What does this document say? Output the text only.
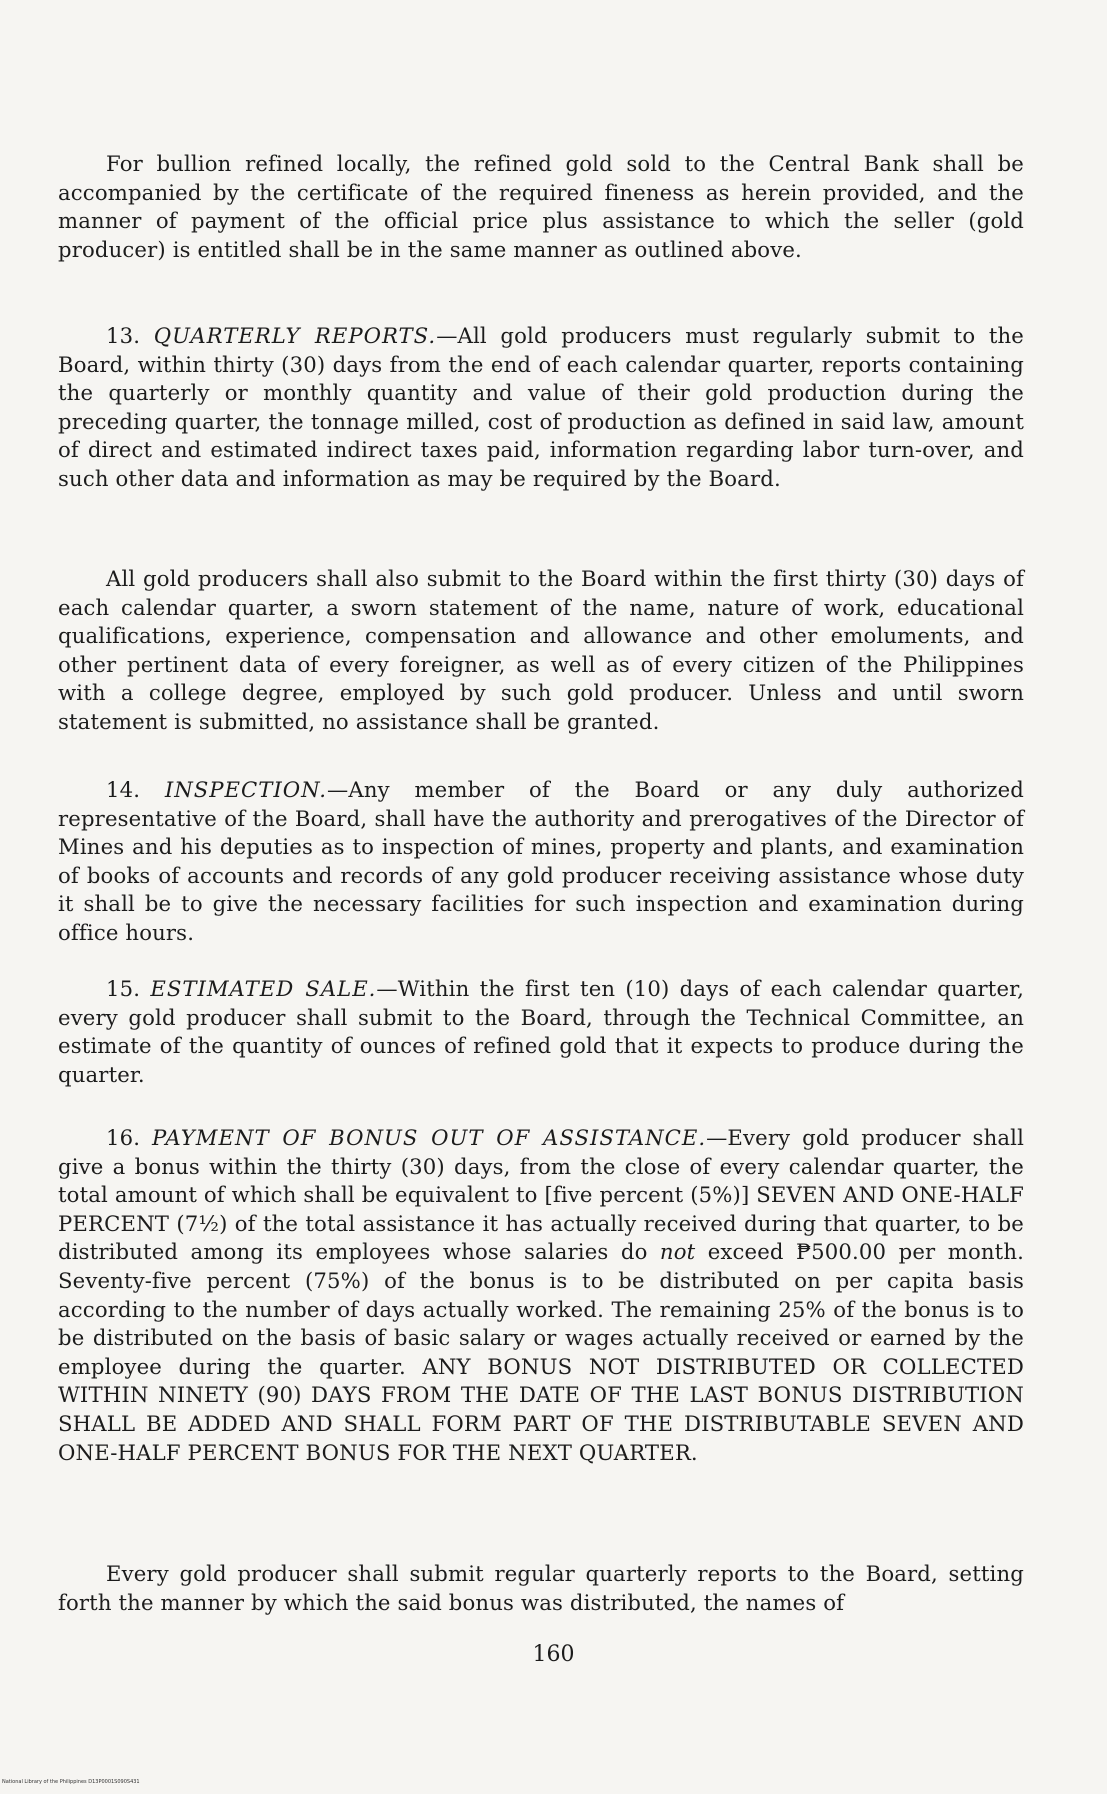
For bullion refined locally, the refined gold sold to the Central Bank shall be accompanied by the certificate of the required fineness as herein provided, and the manner of payment of the official price plus assistance to which the seller (gold producer) is entitled shall be in the same manner as outlined above.

13. QUARTERLY REPORTS.—All gold producers must regularly submit to the Board, within thirty (30) days from the end of each calendar quarter, reports containing the quarterly or monthly quantity and value of their gold production during the preceding quarter, the tonnage milled, cost of production as defined in said law, amount of direct and estimated indirect taxes paid, information regarding labor turn-over, and such other data and information as may be required by the Board.

All gold producers shall also submit to the Board within the first thirty (30) days of each calendar quarter, a sworn statement of the name, nature of work, educational qualifications, experience, compensation and allowance and other emoluments, and other pertinent data of every foreigner, as well as of every citizen of the Philippines with a college degree, employed by such gold producer. Unless and until sworn statement is submitted, no assistance shall be granted.

14. INSPECTION.—Any member of the Board or any duly authorized representative of the Board, shall have the authority and prerogatives of the Director of Mines and his deputies as to inspection of mines, property and plants, and examination of books of accounts and records of any gold producer receiving assistance whose duty it shall be to give the necessary facilities for such inspection and examination during office hours.

15. ESTIMATED SALE.—Within the first ten (10) days of each calendar quarter, every gold producer shall submit to the Board, through the Technical Committee, an estimate of the quantity of ounces of refined gold that it expects to produce during the quarter.

16. PAYMENT OF BONUS OUT OF ASSISTANCE.—Every gold producer shall give a bonus within the thirty (30) days, from the close of every calendar quarter, the total amount of which shall be equivalent to [five percent (5%)] SEVEN AND ONE-HALF PERCENT (7½) of the total assistance it has actually received during that quarter, to be distributed among its employees whose salaries do not exceed ₱500.00 per month. Seventy-five percent (75%) of the bonus is to be distributed on per capita basis according to the number of days actually worked. The remaining 25% of the bonus is to be distributed on the basis of basic salary or wages actually received or earned by the employee during the quarter. ANY BONUS NOT DISTRIBUTED OR COLLECTED WITHIN NINETY (90) DAYS FROM THE DATE OF THE LAST BONUS DISTRIBUTION SHALL BE ADDED AND SHALL FORM PART OF THE DISTRIBUTABLE SEVEN AND ONE-HALF PERCENT BONUS FOR THE NEXT QUARTER.

Every gold producer shall submit regular quarterly reports to the Board, setting forth the manner by which the said bonus was distributed, the names of

160
National Library of the Philippines D13P0001S090S431
